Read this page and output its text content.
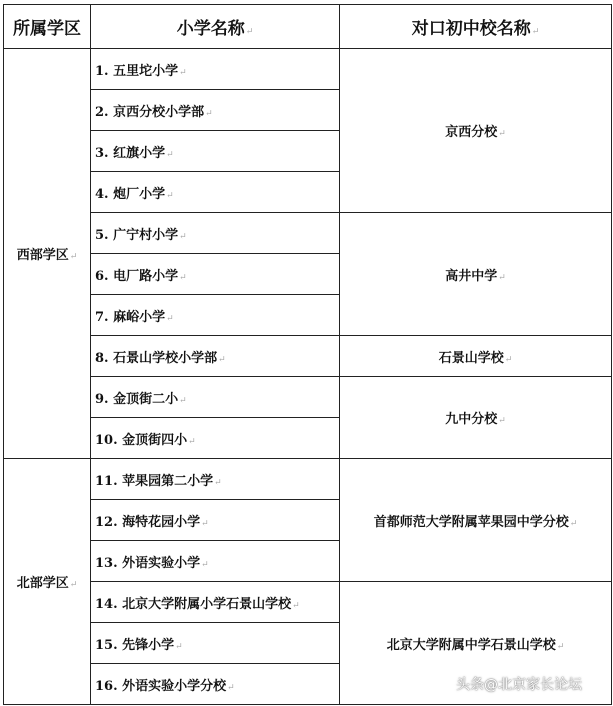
所属学区	小学名称↵	对口初中校名称↵
西部学区↵	1. 五里坨小学↵	京西分校↵
	2. 京西分校小学部↵	
	3. 红旗小学↵	
	4. 炮厂小学↵	
	5. 广宁村小学↵	高井中学↵
	6. 电厂路小学↵	
	7. 麻峪小学↵	
	8. 石景山学校小学部↵	石景山学校↵
	9. 金顶街二小↵	九中分校↵
	10. 金顶街四小↵	
北部学区↵	11. 苹果园第二小学↵	首都师范大学附属苹果园中学分校↵
	12. 海特花园小学↵	
	13. 外语实验小学↵	
	14. 北京大学附属小学石景山学校↵	北京大学附属中学石景山学校↵
	15. 先锋小学↵	
	16. 外语实验小学分校↵		头条@北京家长论坛
